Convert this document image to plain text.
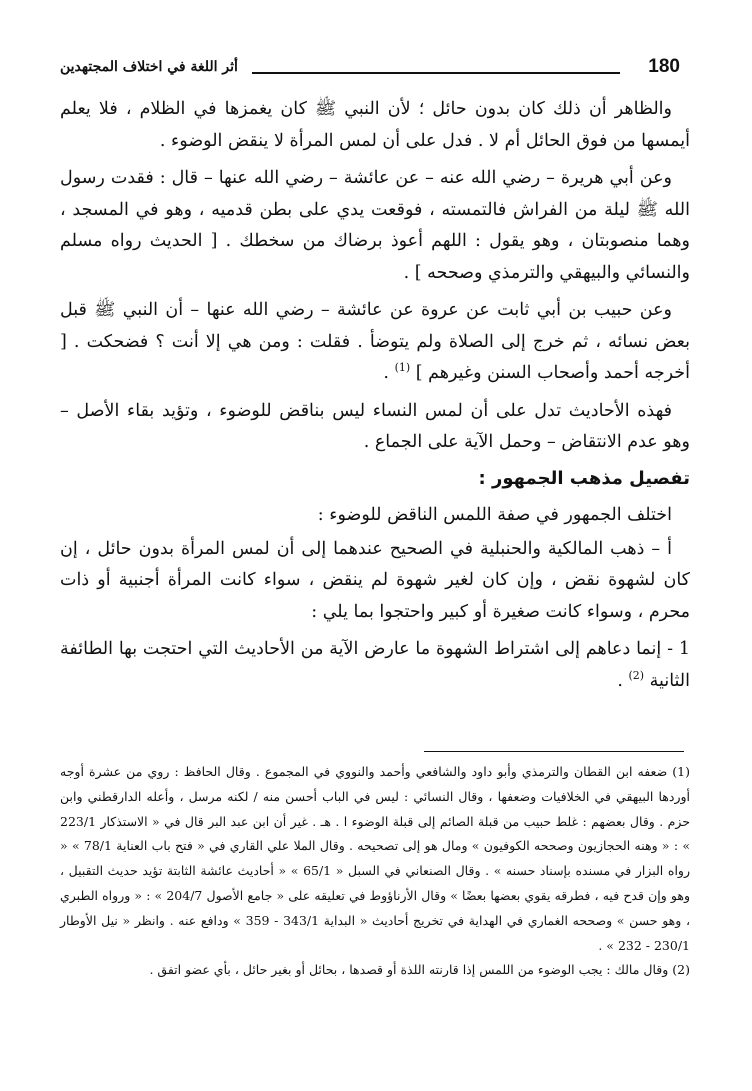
أثر اللغة في اختلاف المجتهدين	180

والظاهر أن ذلك كان بدون حائل ؛ لأن النبي ﷺ كان يغمزها في الظلام ، فلا يعلم أيمسها من فوق الحائل أم لا . فدل على أن لمس المرأة لا ينقض الوضوء .

وعن أبي هريرة – رضي الله عنه – عن عائشة – رضي الله عنها – قال : فقدت رسول الله ﷺ ليلة من الفراش فالتمسته ، فوقعت يدي على بطن قدميه ، وهو في المسجد ، وهما منصوبتان ، وهو يقول : اللهم أعوذ برضاك من سخطك . [ الحديث رواه مسلم والنسائي والبيهقي والترمذي وصححه ] .

وعن حبيب بن أبي ثابت عن عروة عن عائشة – رضي الله عنها – أن النبي ﷺ قبل بعض نسائه ، ثم خرج إلى الصلاة ولم يتوضأ . فقلت : ومن هي إلا أنت ؟ فضحكت . [ أخرجه أحمد وأصحاب السنن وغيرهم ] $^{(1)}$ .

فهذه الأحاديث تدل على أن لمس النساء ليس بناقض للوضوء ، وتؤيد بقاء الأصل – وهو عدم الانتقاض – وحمل الآية على الجماع .

تفصيل مذهب الجمهور :

اختلف الجمهور في صفة اللمس الناقض للوضوء :

أ – ذهب المالكية والحنبلية في الصحيح عندهما إلى أن لمس المرأة بدون حائل ، إن كان لشهوة نقض ، وإن كان لغير شهوة لم ينقض ، سواء كانت المرأة أجنبية أو ذات محرم ، وسواء كانت صغيرة أو كبير واحتجوا بما يلي :

1 - إنما دعاهم إلى اشتراط الشهوة ما عارض الآية من الأحاديث التي احتجت بها الطائفة الثانية $^{(2)}$ .

(1) ضعفه ابن القطان والترمذي وأبو داود والشافعي وأحمد والنووي في المجموع . وقال الحافظ : روي من عشرة أوجه أوردها البيهقي في الخلافيات وضعفها ، وقال النسائي : ليس في الباب أحسن منه / لكنه مرسل ، وأعله الدارقطني وابن حزم . وقال بعضهم : غلط حبيب من قبلة الصائم إلى قبلة الوضوء ا . هـ . غير أن ابن عبد البر قال في « الاستذكار 223/1 » : « وهنه الحجازيون وصححه الكوفيون » ومال هو إلى تصحيحه . وقال الملا علي القاري في « فتح باب العناية 78/1 » « رواه البزار في مسنده بإسناد حسنه » . وقال الصنعاني في السبل « 65/1 » « أحاديث عائشة الثابتة تؤيد حديث التقبيل ، وهو وإن قدح فيه ، فطرقه يقوي بعضها بعضًا » وقال الأرناؤوط في تعليقه على « جامع الأصول 204/7 » : « ورواه الطبري ، وهو حسن » وصححه الغماري في الهداية في تخريج أحاديث « البداية 343/1 - 359 » ودافع عنه . وانظر « نيل الأوطار 230/1 - 232 » .

(2) وقال مالك : يجب الوضوء من اللمس إذا قارنته اللذة أو قصدها ، بحائل أو بغير حائل ، بأي عضو اتفق .
